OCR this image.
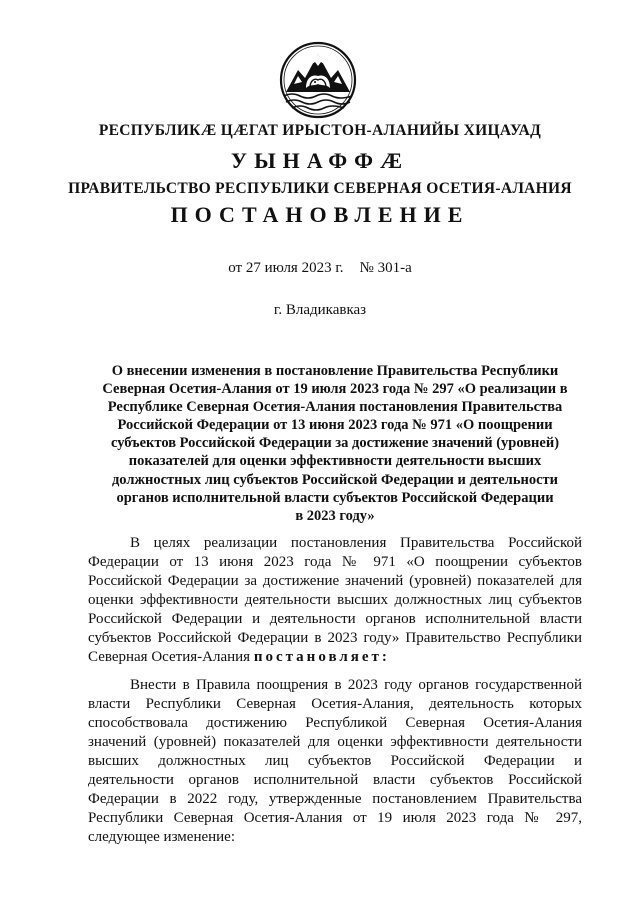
РЕСПУБЛИКÆ ЦÆГАТ ИРЫСТОН-АЛАНИЙЫ ХИЦАУАД
УЫНАФФÆ
ПРАВИТЕЛЬСТВО РЕСПУБЛИКИ СЕВЕРНАЯ ОСЕТИЯ-АЛАНИЯ
ПОСТАНОВЛЕНИЕ
от 27 июля 2023 г. № 301-а
г. Владикавказ
О внесении изменения в постановление Правительства Республики
Северная Осетия-Алания от 19 июля 2023 года № 297 «О реализации в
Республике Северная Осетия-Алания постановления Правительства
Российской Федерации от 13 июня 2023 года № 971 «О поощрении
субъектов Российской Федерации за достижение значений (уровней)
показателей для оценки эффективности деятельности высших
должностных лиц субъектов Российской Федерации и деятельности
органов исполнительной власти субъектов Российской Федерации
в 2023 году»
В целях реализации постановления Правительства Российской
Федерации от 13 июня 2023 года № 971 «О поощрении субъектов
Российской Федерации за достижение значений (уровней) показателей для
оценки эффективности деятельности высших должностных лиц субъектов
Российской Федерации и деятельности органов исполнительной власти
субъектов Российской Федерации в 2023 году» Правительство Республики
Северная Осетия-Алания постановляет:
Внести в Правила поощрения в 2023 году органов государственной
власти Республики Северная Осетия-Алания, деятельность которых
способствовала достижению Республикой Северная Осетия-Алания
значений (уровней) показателей для оценки эффективности деятельности
высших должностных лиц субъектов Российской Федерации и
деятельности органов исполнительной власти субъектов Российской
Федерации в 2022 году, утвержденные постановлением Правительства
Республики Северная Осетия-Алания от 19 июля 2023 года № 297,
следующее изменение:
